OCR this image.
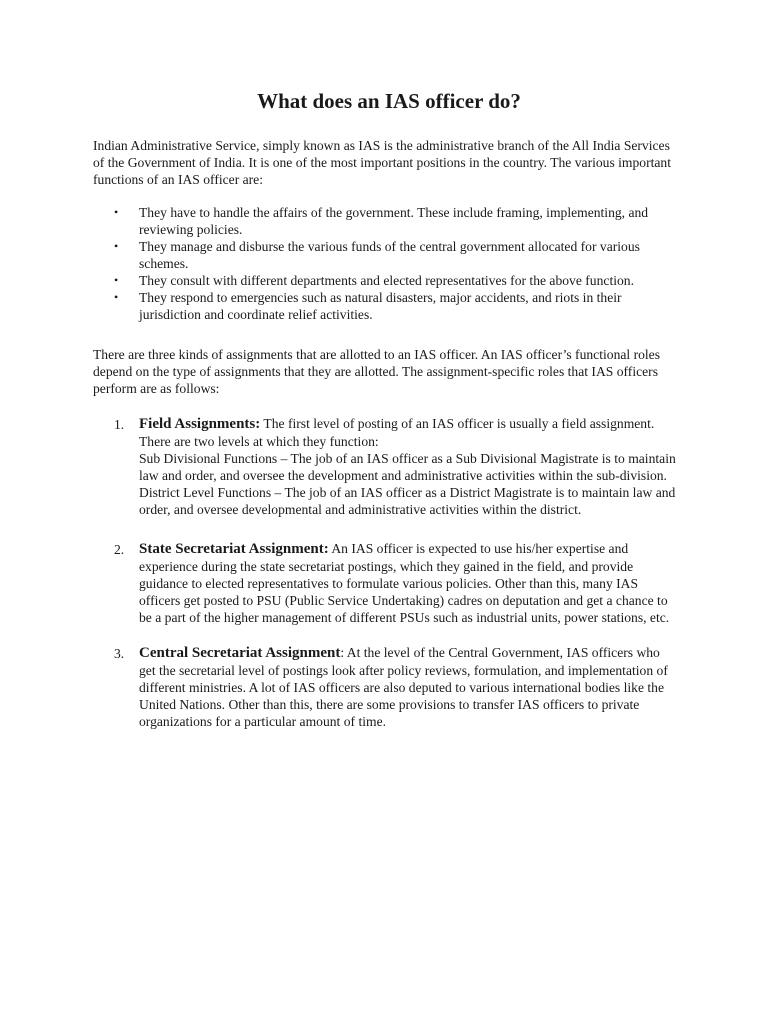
What does an IAS officer do?

Indian Administrative Service, simply known as IAS is the administrative branch of the All India Services of the Government of India. It is one of the most important positions in the country. The various important functions of an IAS officer are:

• They have to handle the affairs of the government. These include framing, implementing, and reviewing policies.
• They manage and disburse the various funds of the central government allocated for various schemes.
• They consult with different departments and elected representatives for the above function.
• They respond to emergencies such as natural disasters, major accidents, and riots in their jurisdiction and coordinate relief activities.

There are three kinds of assignments that are allotted to an IAS officer. An IAS officer’s functional roles depend on the type of assignments that they are allotted. The assignment-specific roles that IAS officers perform are as follows:

1. Field Assignments: The first level of posting of an IAS officer is usually a field assignment. There are two levels at which they function:
Sub Divisional Functions – The job of an IAS officer as a Sub Divisional Magistrate is to maintain law and order, and oversee the development and administrative activities within the sub-division.
District Level Functions – The job of an IAS officer as a District Magistrate is to maintain law and order, and oversee developmental and administrative activities within the district.
2. State Secretariat Assignment: An IAS officer is expected to use his/her expertise and experience during the state secretariat postings, which they gained in the field, and provide guidance to elected representatives to formulate various policies. Other than this, many IAS officers get posted to PSU (Public Service Undertaking) cadres on deputation and get a chance to be a part of the higher management of different PSUs such as industrial units, power stations, etc.
3. Central Secretariat Assignment: At the level of the Central Government, IAS officers who get the secretarial level of postings look after policy reviews, formulation, and implementation of different ministries. A lot of IAS officers are also deputed to various international bodies like the United Nations. Other than this, there are some provisions to transfer IAS officers to private organizations for a particular amount of time.
